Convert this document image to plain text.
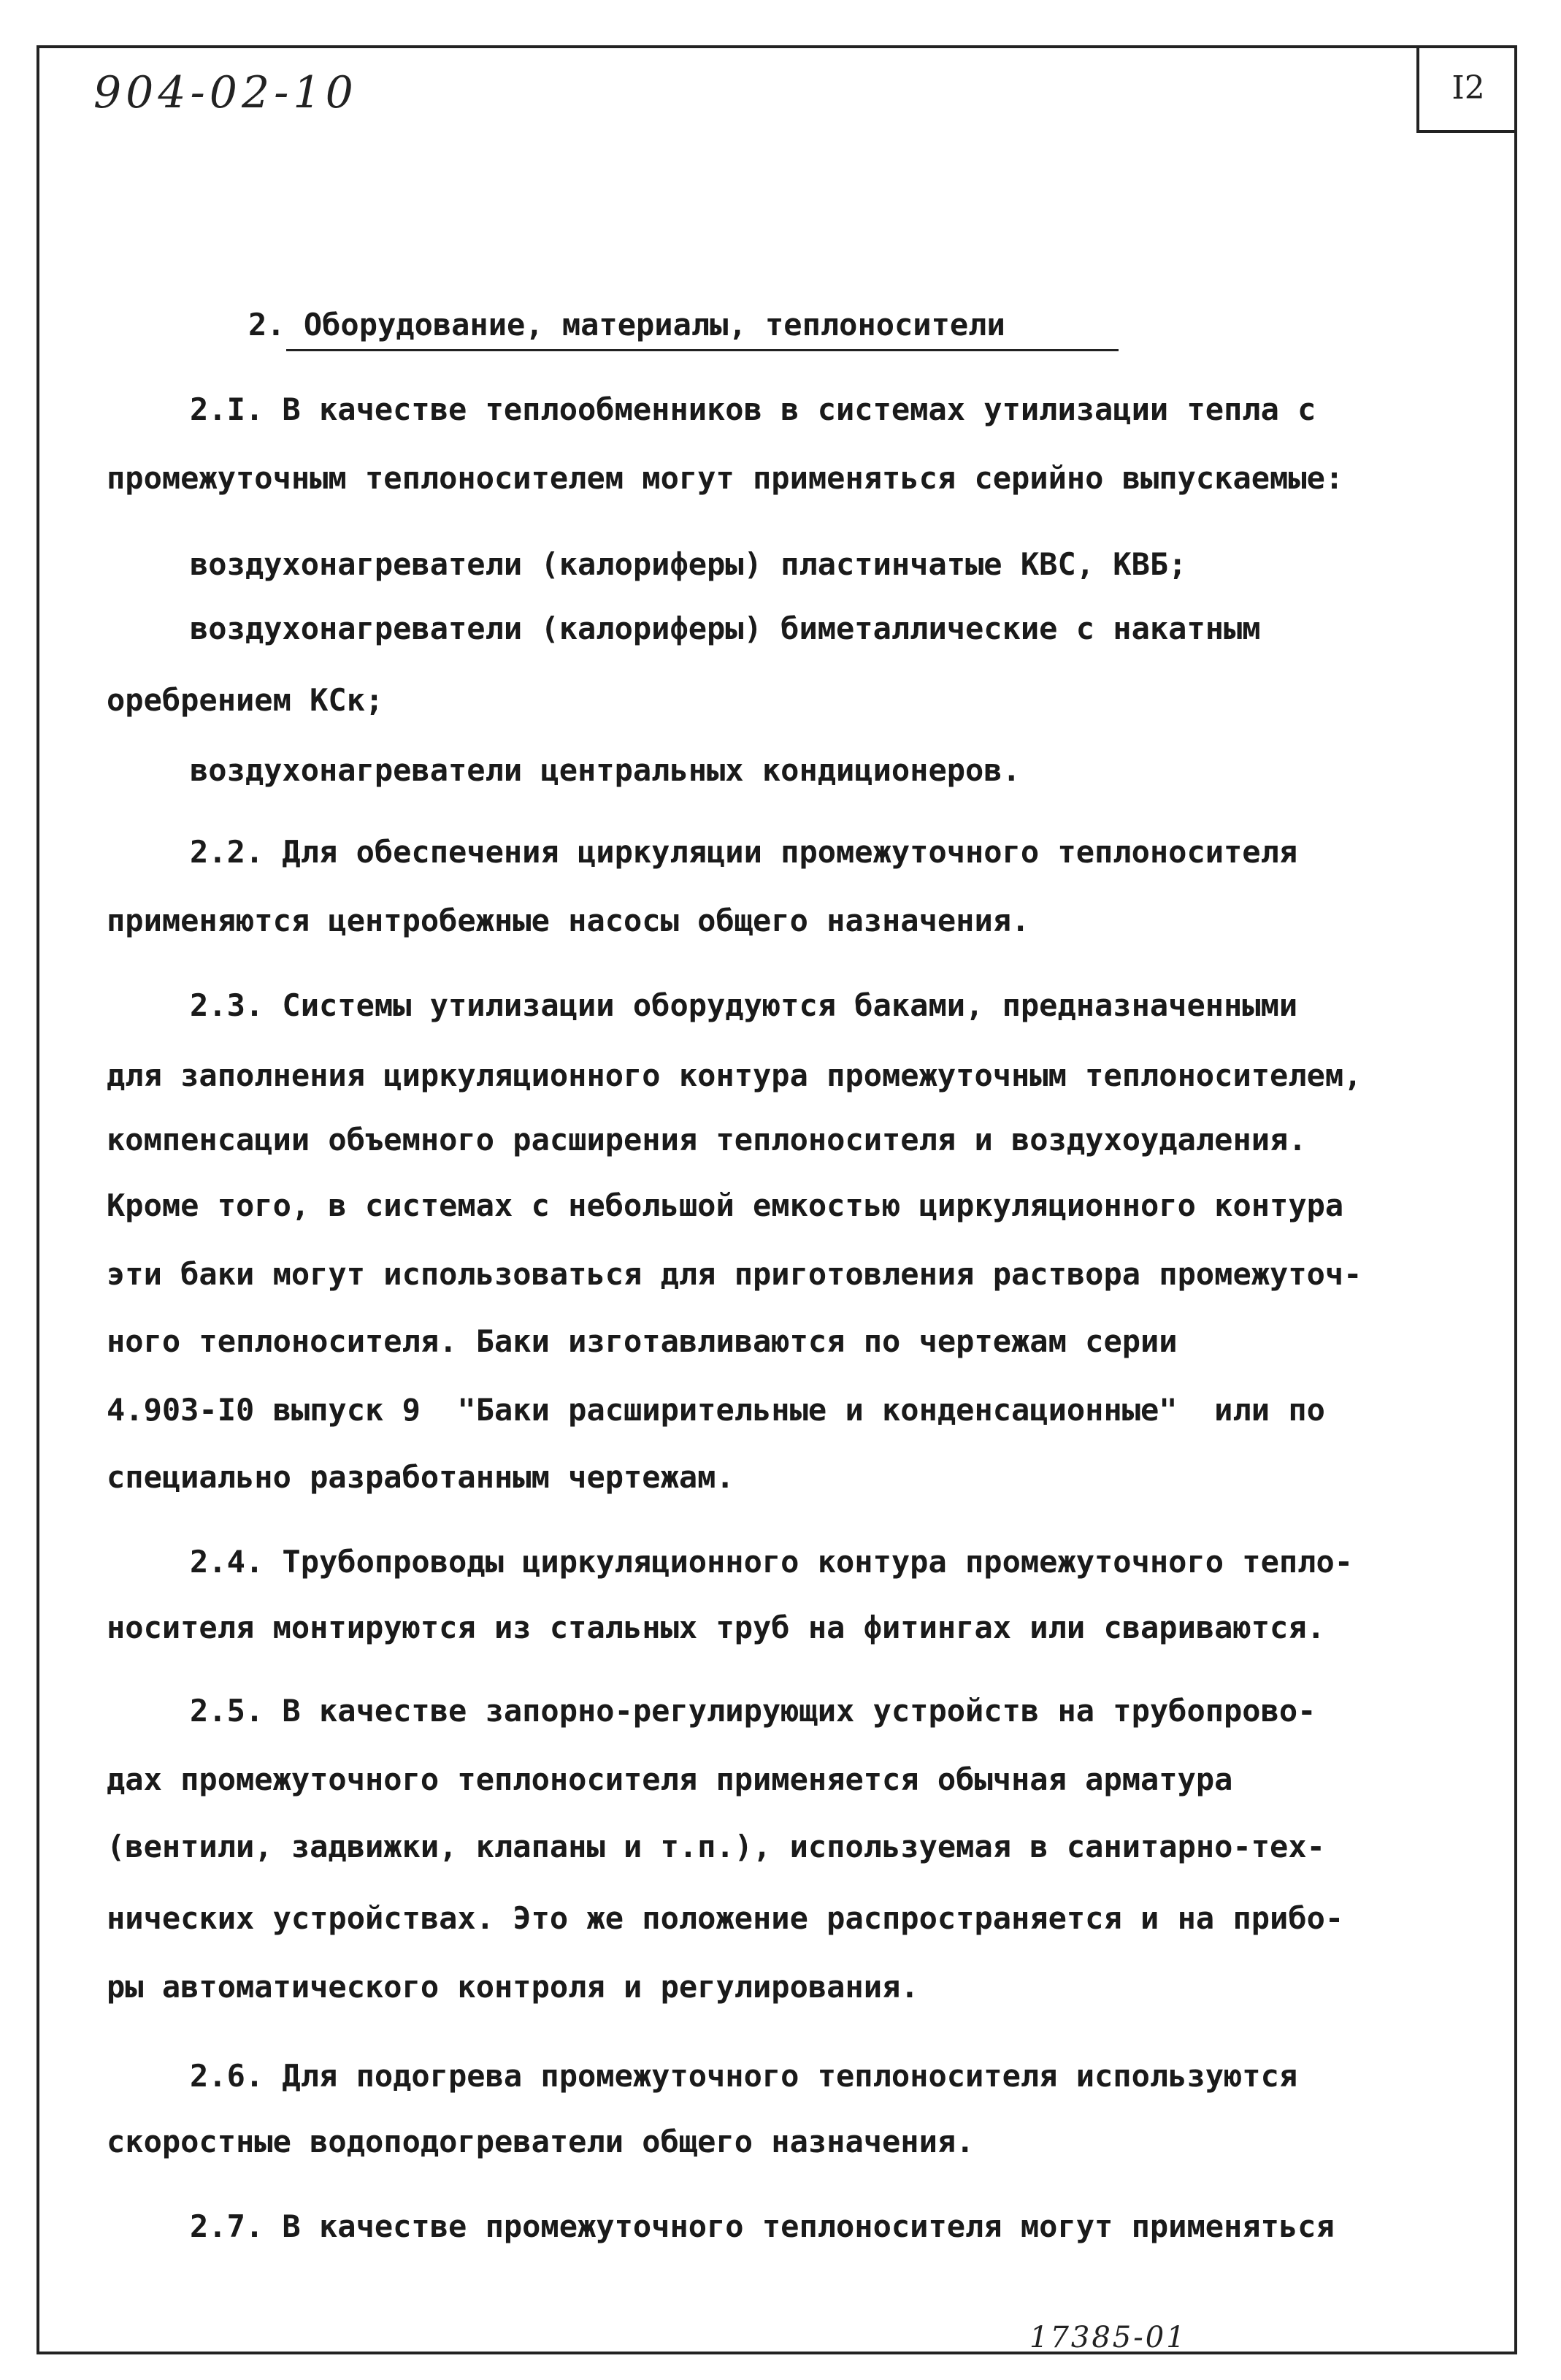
904-02-10	I2
2. Оборудование, материалы, теплоносители
2.I. В качестве теплообменников в системах утилизации тепла с
промежуточным теплоносителем могут применяться серийно выпускаемые:
воздухонагреватели (калориферы) пластинчатые КВС, КВБ;
воздухонагреватели (калориферы) биметаллические с накатным
оребрением КСк;
воздухонагреватели центральных кондиционеров.
2.2. Для обеспечения циркуляции промежуточного теплоносителя
применяются центробежные насосы общего назначения.
2.3. Системы утилизации оборудуются баками, предназначенными
для заполнения циркуляционного контура промежуточным теплоносителем,
компенсации объемного расширения теплоносителя и воздухоудаления.
Кроме того, в системах с небольшой емкостью циркуляционного контура
эти баки могут использоваться для приготовления раствора промежуточ-
ного теплоносителя. Баки изготавливаются по чертежам серии
4.903-I0 выпуск 9  "Баки расширительные и конденсационные"  или по
специально разработанным чертежам.
2.4. Трубопроводы циркуляционного контура промежуточного тепло-
носителя монтируются из стальных труб на фитингах или свариваются.
2.5. В качестве запорно-регулирующих устройств на трубопрово-
дах промежуточного теплоносителя применяется обычная арматура
(вентили, задвижки, клапаны и т.п.), используемая в санитарно-тех-
нических устройствах. Это же положение распространяется и на прибо-
ры автоматического контроля и регулирования.
2.6. Для подогрева промежуточного теплоносителя используются
скоростные водоподогреватели общего назначения.
2.7. В качестве промежуточного теплоносителя могут применяться
17385-01
